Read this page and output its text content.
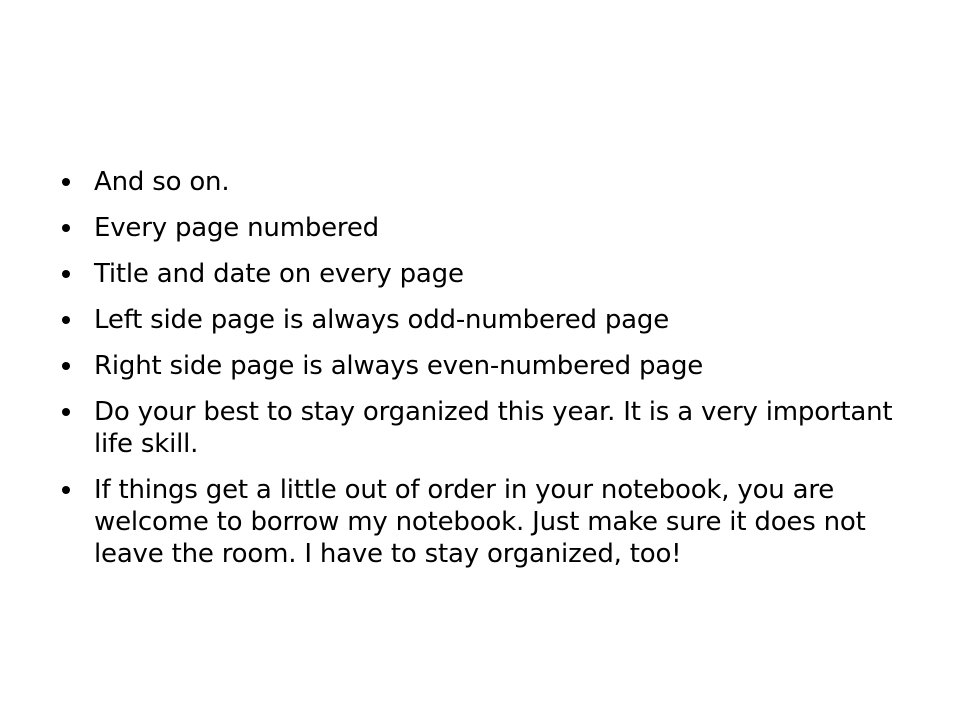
And so on.
Every page numbered
Title and date on every page
Left side page is always odd-numbered page
Right side page is always even-numbered page
Do your best to stay organized this year. It is a very important life skill.
If things get a little out of order in your notebook, you are welcome to borrow my notebook. Just make sure it does not leave the room. I have to stay organized, too!
